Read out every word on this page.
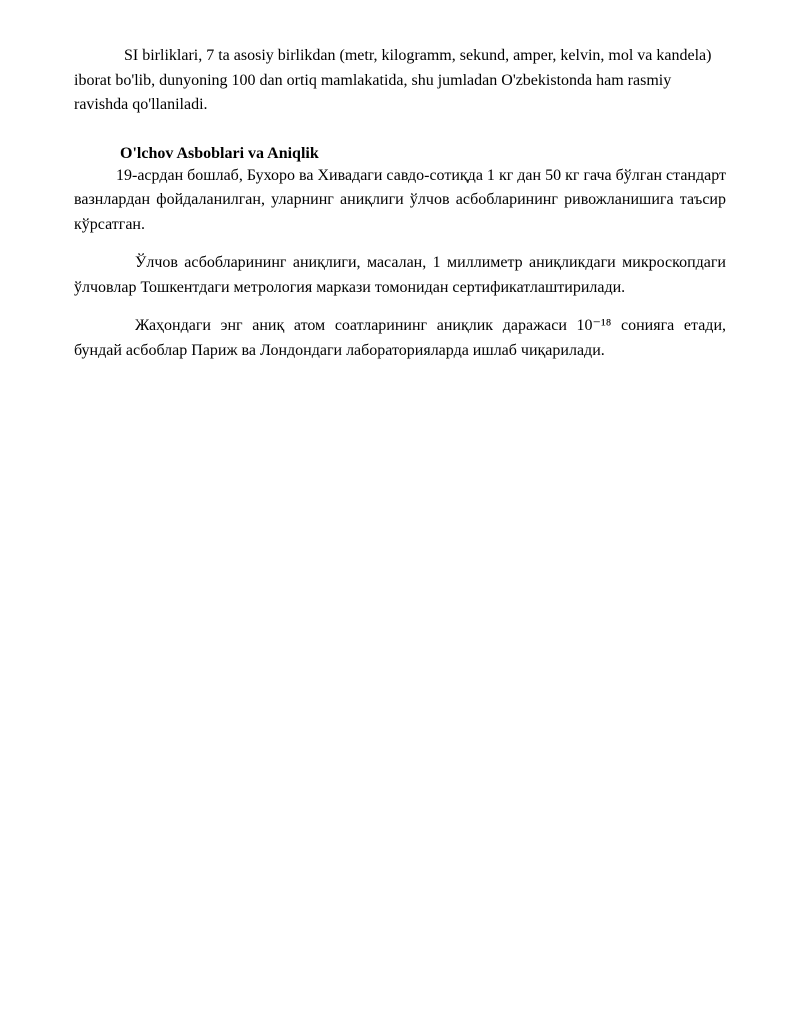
SI birliklari, 7 ta asosiy birlikdan (metr, kilogramm, sekund, amper, kelvin, mol va kandela) iborat bo'lib, dunyoning 100 dan ortiq mamlakatida, shu jumladan O'zbekistonda ham rasmiy ravishda qo'llaniladi.

O'lchov Asboblari va Aniqlik

19-асрдан бошлаб, Бухоро ва Хивадаги савдо-сотиқда 1 кг дан 50 кг гача бўлган стандарт вазнлардан фойдаланилган, уларнинг аниқлиги ўлчов асбобларининг ривожланишига таъсир кўрсатган.

Ўлчов асбобларининг аниқлиги, масалан, 1 миллиметр аниқликдаги микроскопдаги ўлчовлар Тошкентдаги метрология маркази томонидан сертификатлаштирилади.

Жаҳондаги энг аниқ атом соатларининг аниқлик даражаси 10⁻¹⁸ сонияга етади, бундай асбоблар Париж ва Лондондаги лабораторияларда ишлаб чиқарилади.
